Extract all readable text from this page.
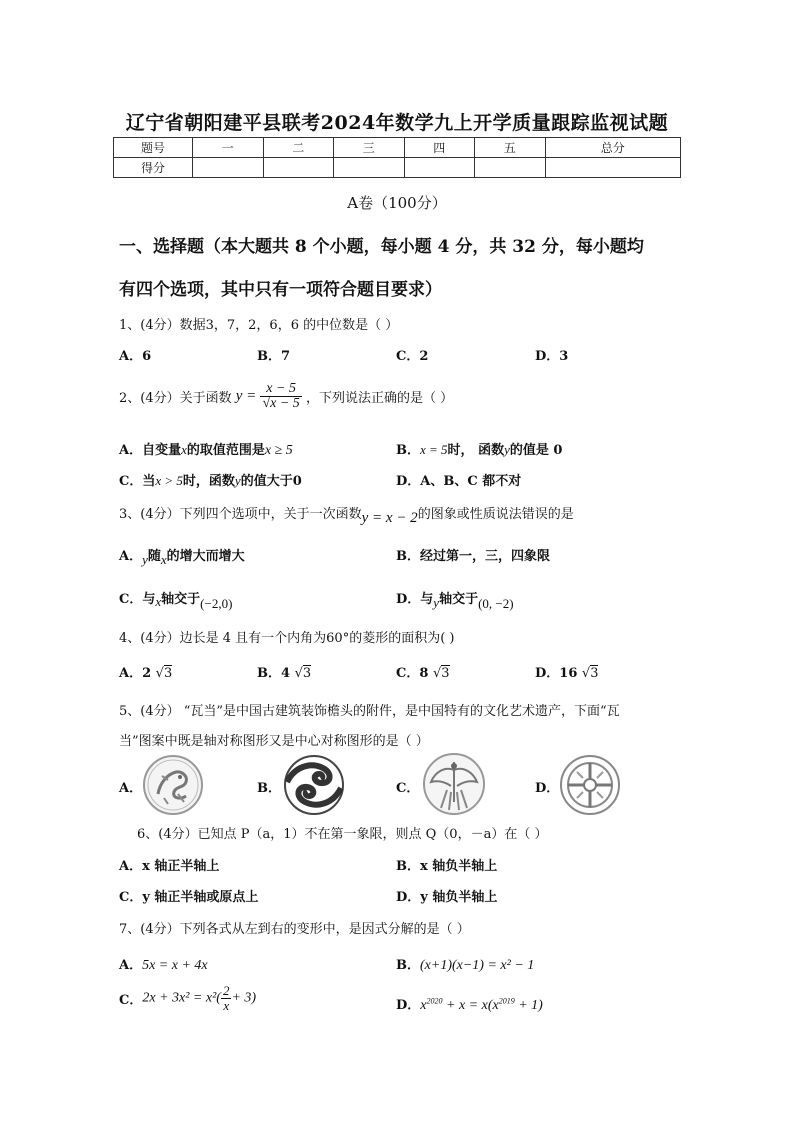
辽宁省朝阳建平县联考2024年数学九上开学质量跟踪监视试题
题号	一	二	三	四	五	总分
得分						
A卷（100分）
一、选择题（本大题共 8 个小题，每小题 4 分，共 32 分，每小题均
有四个选项，其中只有一项符合题目要求）
1、(4分）数据3，7，2，6，6 的中位数是（ ）
A．6	B．7	C．2	D．3
2、(4分）关于函数 $y = \frac{x - 5}{√x - 5}$ ，下列说法正确的是（ ）
A．自变量x的取值范围是x ≥ 5	B．x = 5时， 函数y的值是 0
C．当x > 5时，函数y的值大于0	D．A、B、C 都不对
3、(4分）下列四个选项中，关于一次函数y = x − 2的图象或性质说法错误的是
A．y随x的增大而增大	B．经过第一，三，四象限
C．与x轴交于(−2,0)	D．与y轴交于(0, −2)
4、(4分）边长是 4 且有一个内角为60°的菱形的面积为( )
A．2 √3	B．4 √3	C．8 √3	D．16 √3
5、(4分） “瓦当”是中国古建筑装饰檐头的附件，是中国特有的文化艺术遗产，下面“瓦
当”图案中既是轴对称图形又是中心对称图形的是（ ）
A．	B．	C．	D．
6、(4分）已知点 P（a，1）不在第一象限，则点 Q（0，－a）在（ ）
A．x 轴正半轴上	B．x 轴负半轴上
C．y 轴正半轴或原点上	D．y 轴负半轴上
7、(4分）下列各式从左到右的变形中，是因式分解的是（ ）
A．5x = x + 4x	B．(x+1)(x−1) = x² − 1
C．$2x + 3x^2 = x^2( \frac{2}{x} + 3)$	D．$x^{2020} + x = x(x^{2019} + 1)$
